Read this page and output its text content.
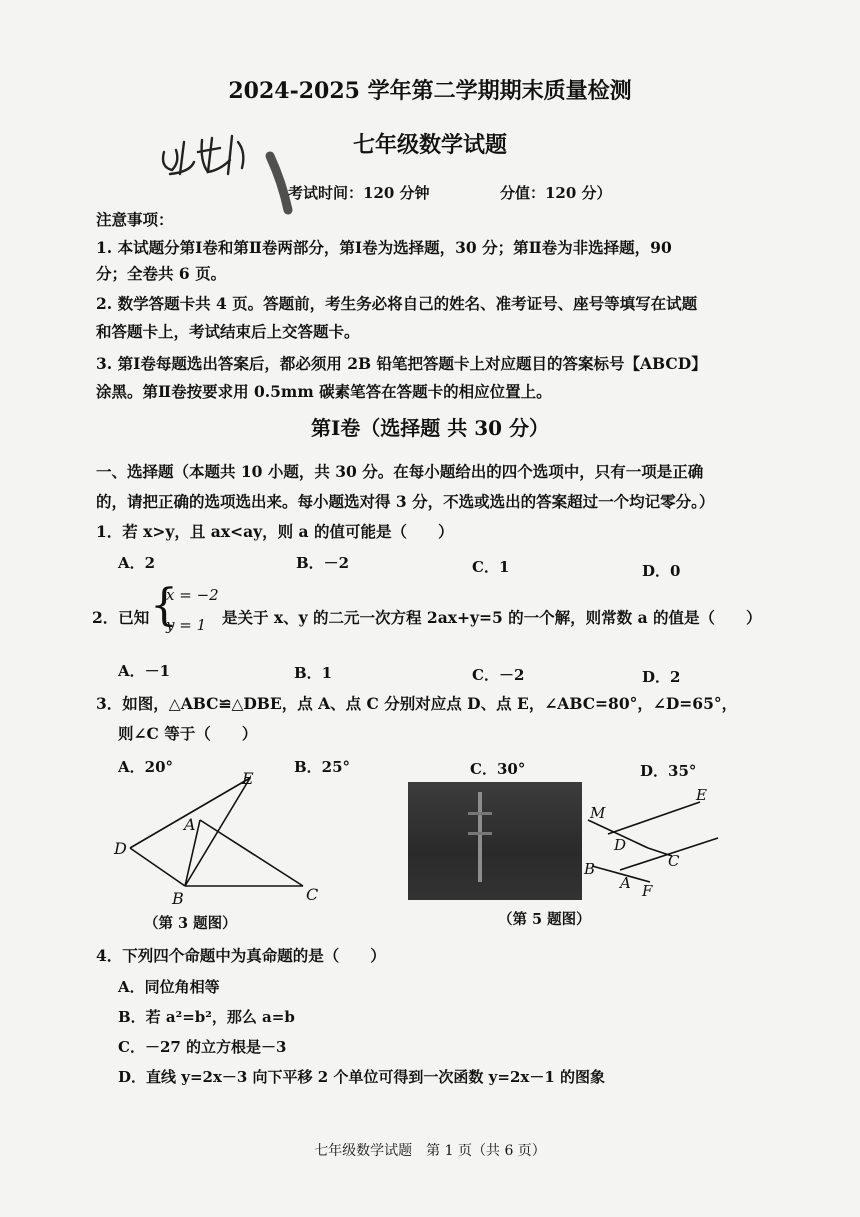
2024-2025 学年第二学期期末质量检测
七年级数学试题
考试时间：120 分钟	分值：120 分）
注意事项：
1. 本试题分第Ⅰ卷和第Ⅱ卷两部分，第Ⅰ卷为选择题，30 分；第Ⅱ卷为非选择题，90
分；全卷共 6 页。
2. 数学答题卡共 4 页。答题前，考生务必将自己的姓名、准考证号、座号等填写在试题
和答题卡上，考试结束后上交答题卡。
3. 第Ⅰ卷每题选出答案后，都必须用 2B 铅笔把答题卡上对应题目的答案标号【ABCD】
涂黑。第Ⅱ卷按要求用 0.5mm 碳素笔答在答题卡的相应位置上。
第Ⅰ卷（选择题 共 30 分）
一、选择题（本题共 10 小题，共 30 分。在每小题给出的四个选项中，只有一项是正确
的，请把正确的选项选出来。每小题选对得 3 分，不选或选出的答案超过一个均记零分。）
1．若 x>y，且 ax<ay，则 a 的值可能是（　　）
A．2	B．－2	C．1	D．0
2．已知 {
x = −2
y = 1 是关于 x、y 的二元一次方程 2ax+y=5 的一个解，则常数 a 的值是（　　）
A．－1	B．1	C．－2	D．2
3．如图，△ABC≌△DBE，点 A、点 C 分别对应点 D、点 E，∠ABC=80°，∠D=65°，
则∠C 等于（　　）
A．20°	B．25°	C．30°	D．35°
E
A
D
B	C
（第 3 题图）	（第 5 题图）
M
E
D
C
B
A F
4．下列四个命题中为真命题的是（　　）
A．同位角相等
B．若 a²=b²，那么 a=b
C．－27 的立方根是－3
D．直线 y=2x－3 向下平移 2 个单位可得到一次函数 y=2x－1 的图象
七年级数学试题　第 1 页（共 6 页）
